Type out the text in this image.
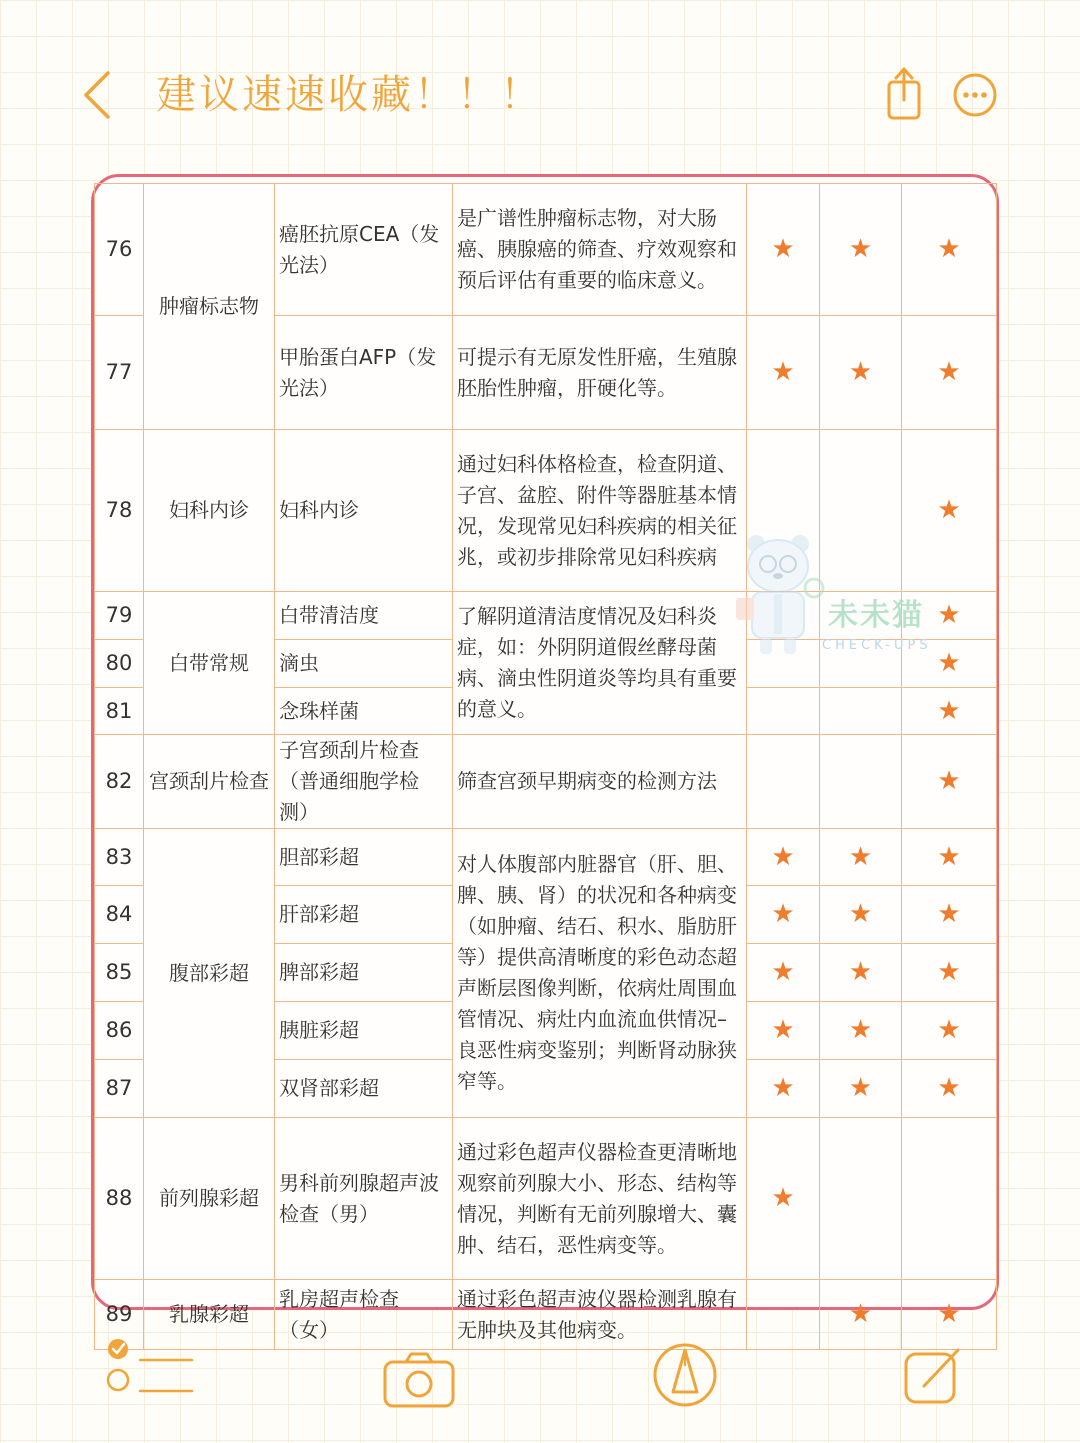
建议速速收藏！！！
76	肿瘤标志物	癌胚抗原CEA（发光法）	是广谱性肿瘤标志物，对大肠癌、胰腺癌的筛查、疗效观察和预后评估有重要的临床意义。	★	★	★
77		甲胎蛋白AFP（发光法）	可提示有无原发性肝癌，生殖腺胚胎性肿瘤，肝硬化等。	★	★	★
78	妇科内诊	妇科内诊	通过妇科体格检查，检查阴道、子宫、盆腔、附件等器脏基本情况，发现常见妇科疾病的相关征兆，或初步排除常见妇科疾病			★
79	白带常规	白带清洁度	了解阴道清洁度情况及妇科炎症，如：外阴阴道假丝酵母菌病、滴虫性阴道炎等均具有重要的意义。			★
80		滴虫				★
81		念珠样菌				★
82	宫颈刮片检查	子宫颈刮片检查（普通细胞学检测）	筛查宫颈早期病变的检测方法			★
83	腹部彩超	胆部彩超	对人体腹部内脏器官（肝、胆、脾、胰、肾）的状况和各种病变（如肿瘤、结石、积水、脂肪肝等）提供高清晰度的彩色动态超声断层图像判断，依病灶周围血管情况、病灶内血流血供情况–良恶性病变鉴别；判断肾动脉狭窄等。	★	★	★
84		肝部彩超		★	★	★
85		脾部彩超		★	★	★
86		胰脏彩超		★	★	★
87		双肾部彩超		★	★	★
88	前列腺彩超	男科前列腺超声波检查（男）	通过彩色超声仪器检查更清晰地观察前列腺大小、形态、结构等情况，判断有无前列腺增大、囊肿、结石，恶性病变等。	★		
89	乳腺彩超	乳房超声检查（女）	通过彩色超声波仪器检测乳腺有无肿块及其他病变。		★	★
未未猫
CHECK-UPS
